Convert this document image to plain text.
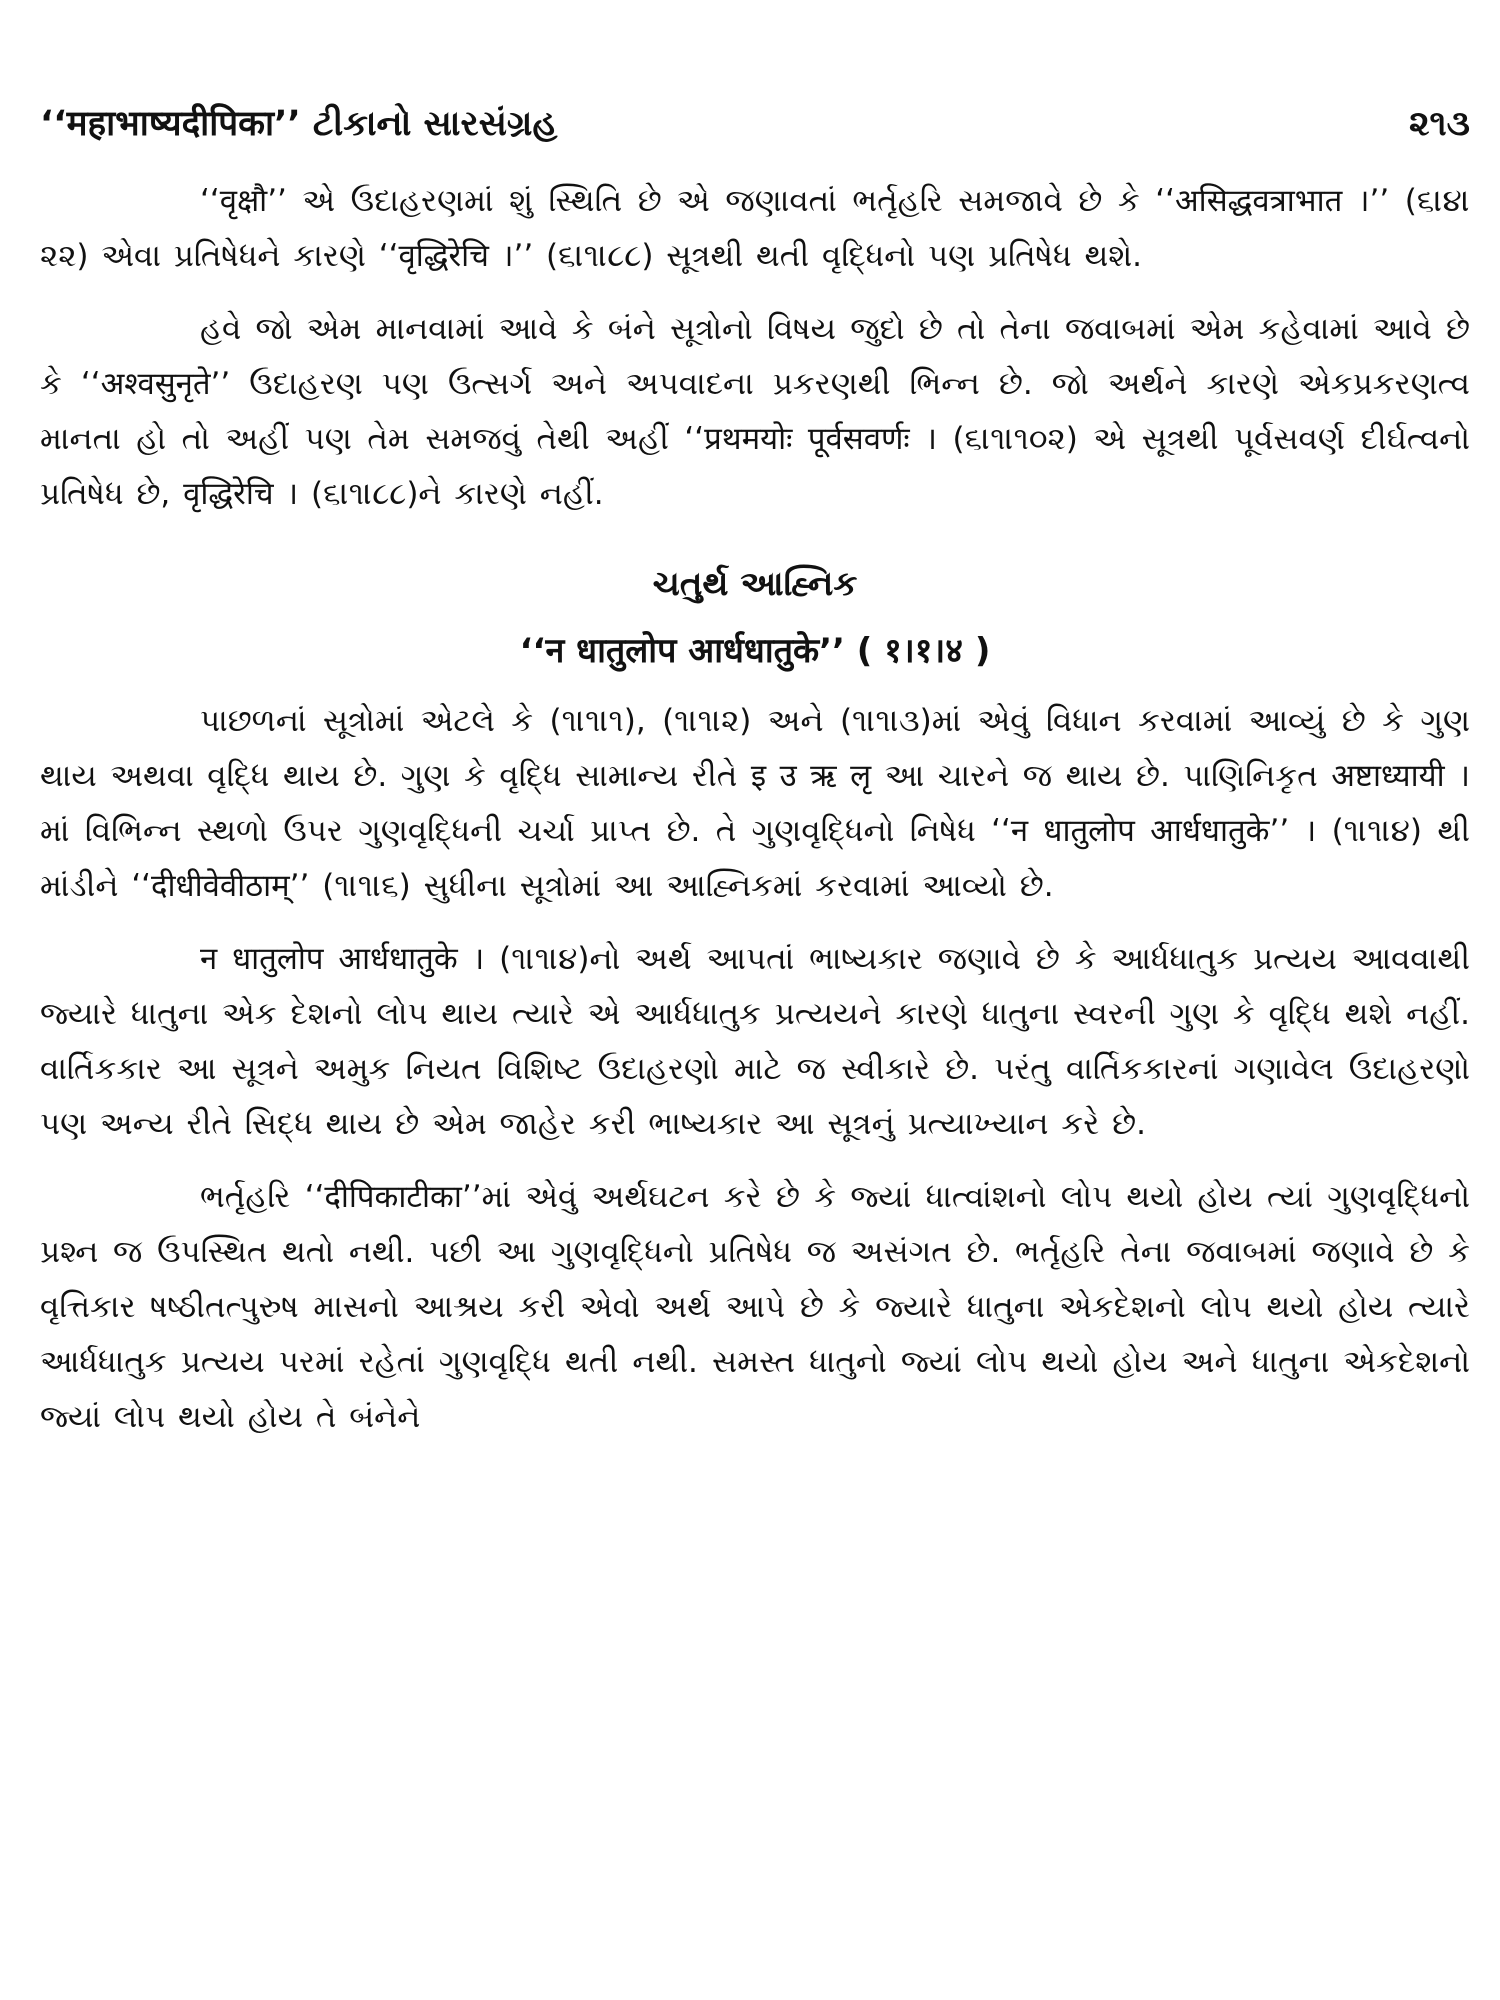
‘‘महाभाष्यदीपिका’’ ટીકાનો સારસંગ્રહ	૨૧૩

‘‘वृक्षौ’’ એ ઉદાહરણમાં શું સ્થિતિ છે એ જણાવતાં ભર્તૃહરિ સમજાવે છે કે ‘‘असिद्धवत्राभात ।’’ (૬।૪।૨૨) એવા પ્રતિષેધને કારણે ‘‘वृद्धिरेचि ।’’ (૬।૧।૮૮) સૂત્રથી થતી વૃદ્ધિનો પણ પ્રતિષેધ થશે.

હવે જો એમ માનવામાં આવે કે બંને સૂત્રોનો વિષય જુદો છે તો તેના જવાબમાં એમ કહેવામાં આવે છે કે ‘‘अश्वसुनृते’’ ઉદાહરણ પણ ઉત્સર્ગ અને અપવાદના પ્રકરણથી ભિન્ન છે. જો અર્થને કારણે એકપ્રકરણત્વ માનતા હો તો અહીં પણ તેમ સમજવું તેથી અહીં ‘‘प्रथमयोः पूर्वसवर्णः । (૬।૧।૧૦૨) એ સૂત્રથી પૂર્વસવર્ણ દીર્ઘત્વનો પ્રતિષેધ છે, वृद्धिरेचि । (૬।૧।૮૮)ને કારણે નહીં.

ચતુર્થ આહ્નિક
‘‘न धातुलोप आर्धधातुके’’ ( १।१।४ )

પાછળનાં સૂત્રોમાં એટલે કે (૧।૧।૧), (૧।૧।૨) અને (૧।૧।૩)માં એવું વિધાન કરવામાં આવ્યું છે કે ગુણ થાય અથવા વૃદ્ધિ થાય છે. ગુણ કે વૃદ્ધિ સામાન્ય રીતે इ उ ऋ लृ આ ચારને જ થાય છે. પાણિનિકૃત अष्टाध्यायी । માં વિભિન્ન સ્થળો ઉપર ગુણવૃદ્ધિની ચર્ચા પ્રાપ્ત છે. તે ગુણવૃદ્ધિનો નિષેધ ‘‘न धातुलोप आर्धधातुके’’ । (૧।૧।૪) થી માંડીને ‘‘दीधीवेवीठाम्’’ (૧।૧।૬) સુધીના સૂત્રોમાં આ આહ્નિકમાં કરવામાં આવ્યો છે.

न धातुलोप आर्धधातुके । (૧।૧।૪)નો અર્થ આપતાં ભાષ્યકાર જણાવે છે કે આર્ધધાતુક પ્રત્યય આવવાથી જ્યારે ધાતુના એક દેશનો લોપ થાય ત્યારે એ આર્ધધાતુક પ્રત્યયને કારણે ધાતુના સ્વરની ગુણ કે વૃદ્ધિ થશે નહીં. વાર્તિકકાર આ સૂત્રને અમુક નિયત વિશિષ્ટ ઉદાહરણો માટે જ સ્વીકારે છે. પરંતુ વાર્તિકકારનાં ગણાવેલ ઉદાહરણો પણ અન્ય રીતે સિદ્ધ થાય છે એમ જાહેર કરી ભાષ્યકાર આ સૂત્રનું પ્રત્યાખ્યાન કરે છે.

ભર્તૃહરિ ‘‘दीपिकाटीका’’માં એવું અર્થઘટન કરે છે કે જ્યાં ધાત્વાંશનો લોપ થયો હોય ત્યાં ગુણવૃદ્ધિનો પ્રશ્ન જ ઉપસ્થિત થતો નથી. પછી આ ગુણવૃદ્ધિનો પ્રતિષેધ જ અસંગત છે. ભર્તૃહરિ તેના જવાબમાં જણાવે છે કે વૃત્તિકાર ષષ્ઠીતત્પુરુષ માસનો આશ્રય કરી એવો અર્થ આપે છે કે જ્યારે ધાતુના એકદેશનો લોપ થયો હોય ત્યારે આર્ધધાતુક પ્રત્યય પરમાં રહેતાં ગુણવૃદ્ધિ થતી નથી. સમસ્ત ધાતુનો જ્યાં લોપ થયો હોય અને ધાતુના એકદેશનો જ્યાં લોપ થયો હોય તે બંનેને
